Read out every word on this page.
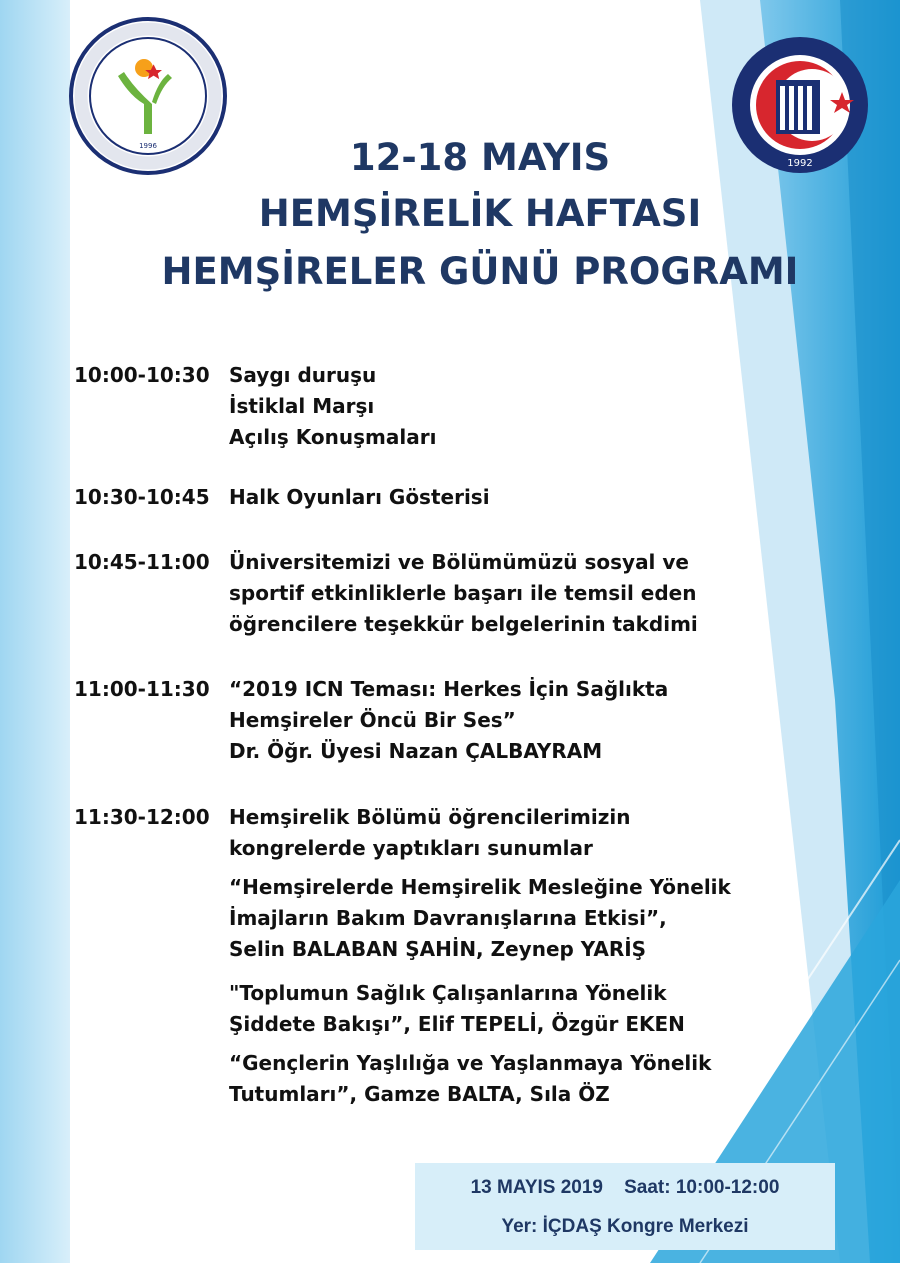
1996
1992
12-18 MAYIS
HEMŞİRELİK HAFTASI
HEMŞİRELER GÜNÜ PROGRAMI
10:00-10:30 Saygı duruşu
İstiklal Marşı
Açılış Konuşmaları
10:30-10:45 Halk Oyunları Gösterisi
10:45-11:00 Üniversitemizi ve Bölümümüzü sosyal ve
sportif etkinliklerle başarı ile temsil eden
öğrencilere teşekkür belgelerinin takdimi
11:00-11:30 “2019 ICN Teması: Herkes İçin Sağlıkta
Hemşireler Öncü Bir Ses”
Dr. Öğr. Üyesi Nazan ÇALBAYRAM
11:30-12:00 Hemşirelik Bölümü öğrencilerimizin
kongrelerde yaptıkları sunumlar
“Hemşirelerde Hemşirelik Mesleğine Yönelik
İmajların Bakım Davranışlarına Etkisi”,
Selin BALABAN ŞAHİN, Zeynep YARİŞ
"Toplumun Sağlık Çalışanlarına Yönelik
Şiddete Bakışı”, Elif TEPELİ, Özgür EKEN
“Gençlerin Yaşlılığa ve Yaşlanmaya Yönelik
Tutumları”, Gamze BALTA, Sıla ÖZ
13 MAYIS 2019 Saat: 10:00-12:00
Yer: İÇDAŞ Kongre Merkezi
